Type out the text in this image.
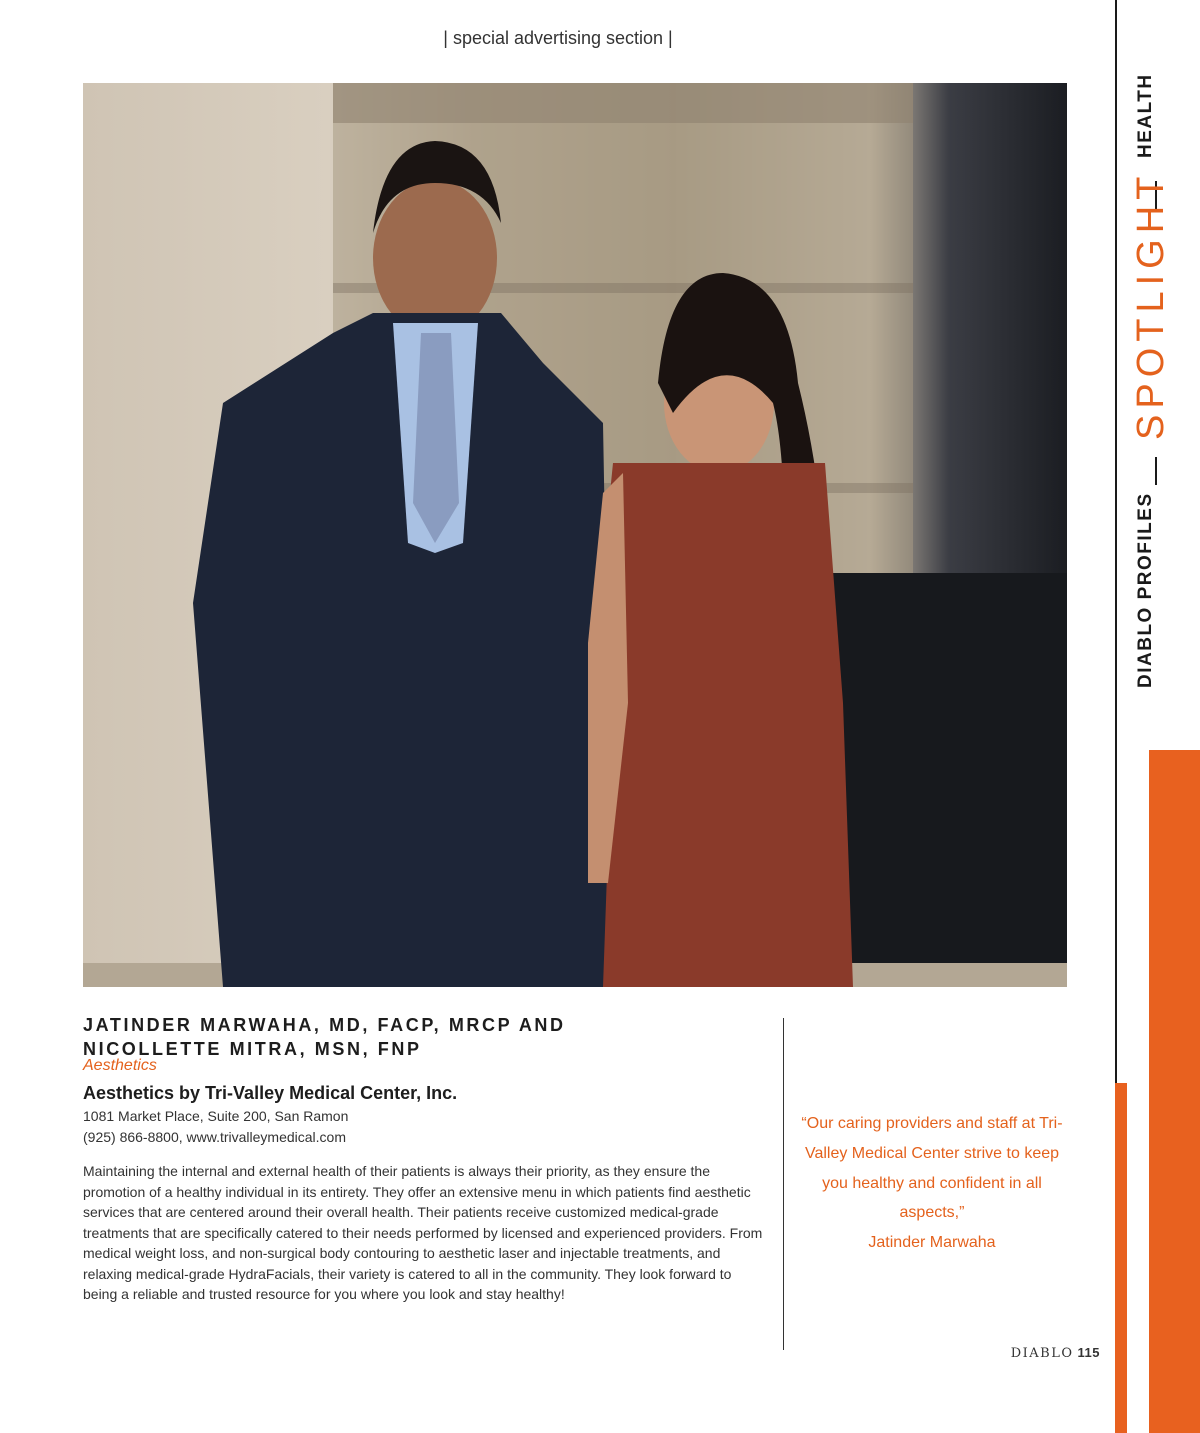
| special advertising section |
JATINDER MARWAHA, MD, FACP, MRCP AND
NICOLLETTE MITRA, MSN, FNP
Aesthetics
Aesthetics by Tri-Valley Medical Center, Inc.
1081 Market Place, Suite 200, San Ramon
(925) 866-8800, www.trivalleymedical.com
Maintaining the internal and external health of their patients is always their priority, as they ensure the promotion of a healthy individual in its entirety. They offer an extensive menu in which patients find aesthetic services that are centered around their overall health. Their patients receive customized medical-grade treatments that are specifically catered to their needs performed by licensed and experienced providers. From medical weight loss, and non-surgical body contouring to aesthetic laser and injectable treatments, and relaxing medical-grade HydraFacials, their variety is catered to all in the community. They look forward to being a reliable and trusted resource for you where you look and stay healthy!
“Our caring providers and staff at Tri-Valley Medical Center strive to keep you healthy and confident in all aspects,”
Jatinder Marwaha
DIABLO 115
HEALTH
SPOTLIGHT
DIABLO PROFILES
